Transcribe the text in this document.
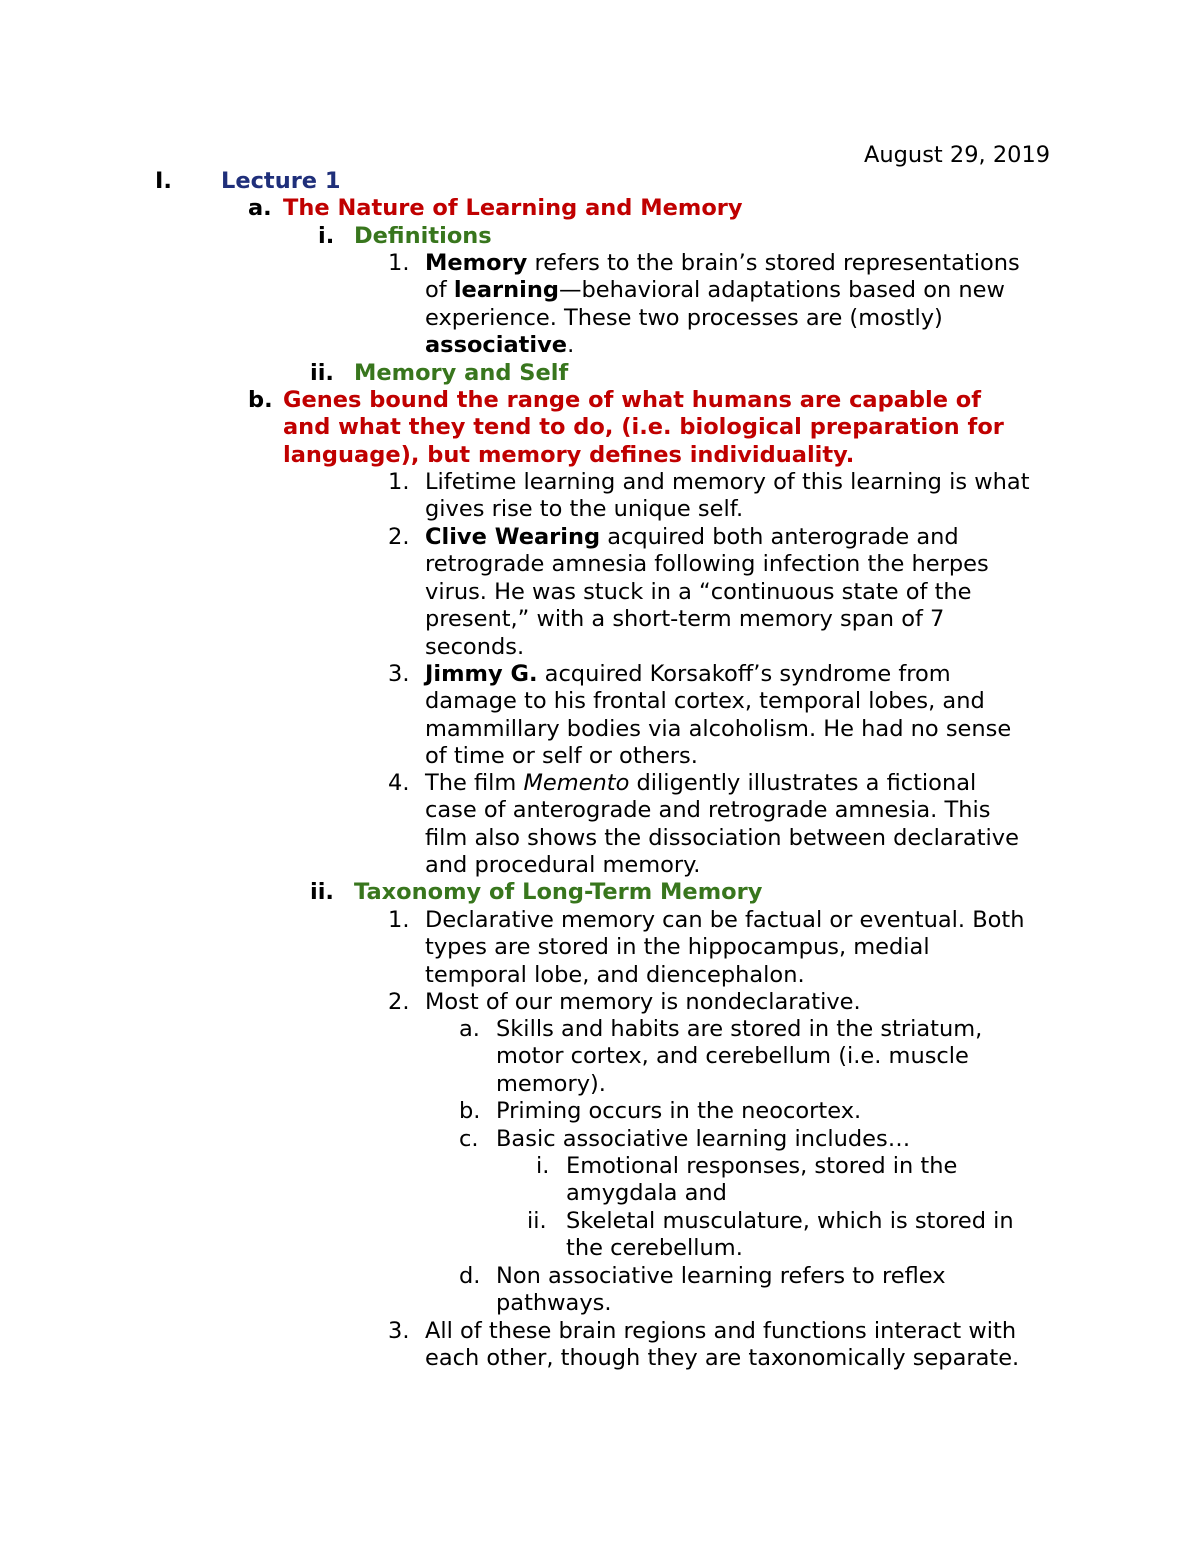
August 29, 2019
I. Lecture 1
a. The Nature of Learning and Memory
i. Definitions
1. Memory refers to the brain’s stored representations
of learning—behavioral adaptations based on new
experience. These two processes are (mostly)
associative.
ii. Memory and Self
b. Genes bound the range of what humans are capable of
and what they tend to do, (i.e. biological preparation for
language), but memory defines individuality.
1. Lifetime learning and memory of this learning is what
gives rise to the unique self.
2. Clive Wearing acquired both anterograde and
retrograde amnesia following infection the herpes
virus. He was stuck in a “continuous state of the
present,” with a short-term memory span of 7
seconds.
3. Jimmy G. acquired Korsakoff’s syndrome from
damage to his frontal cortex, temporal lobes, and
mammillary bodies via alcoholism. He had no sense
of time or self or others.
4. The film Memento diligently illustrates a fictional
case of anterograde and retrograde amnesia. This
film also shows the dissociation between declarative
and procedural memory.
ii. Taxonomy of Long-Term Memory
1. Declarative memory can be factual or eventual. Both
types are stored in the hippocampus, medial
temporal lobe, and diencephalon.
2. Most of our memory is nondeclarative.
a. Skills and habits are stored in the striatum,
motor cortex, and cerebellum (i.e. muscle
memory).
b. Priming occurs in the neocortex.
c. Basic associative learning includes…
i. Emotional responses, stored in the
amygdala and
ii. Skeletal musculature, which is stored in
the cerebellum.
d. Non associative learning refers to reflex
pathways.
3. All of these brain regions and functions interact with
each other, though they are taxonomically separate.
